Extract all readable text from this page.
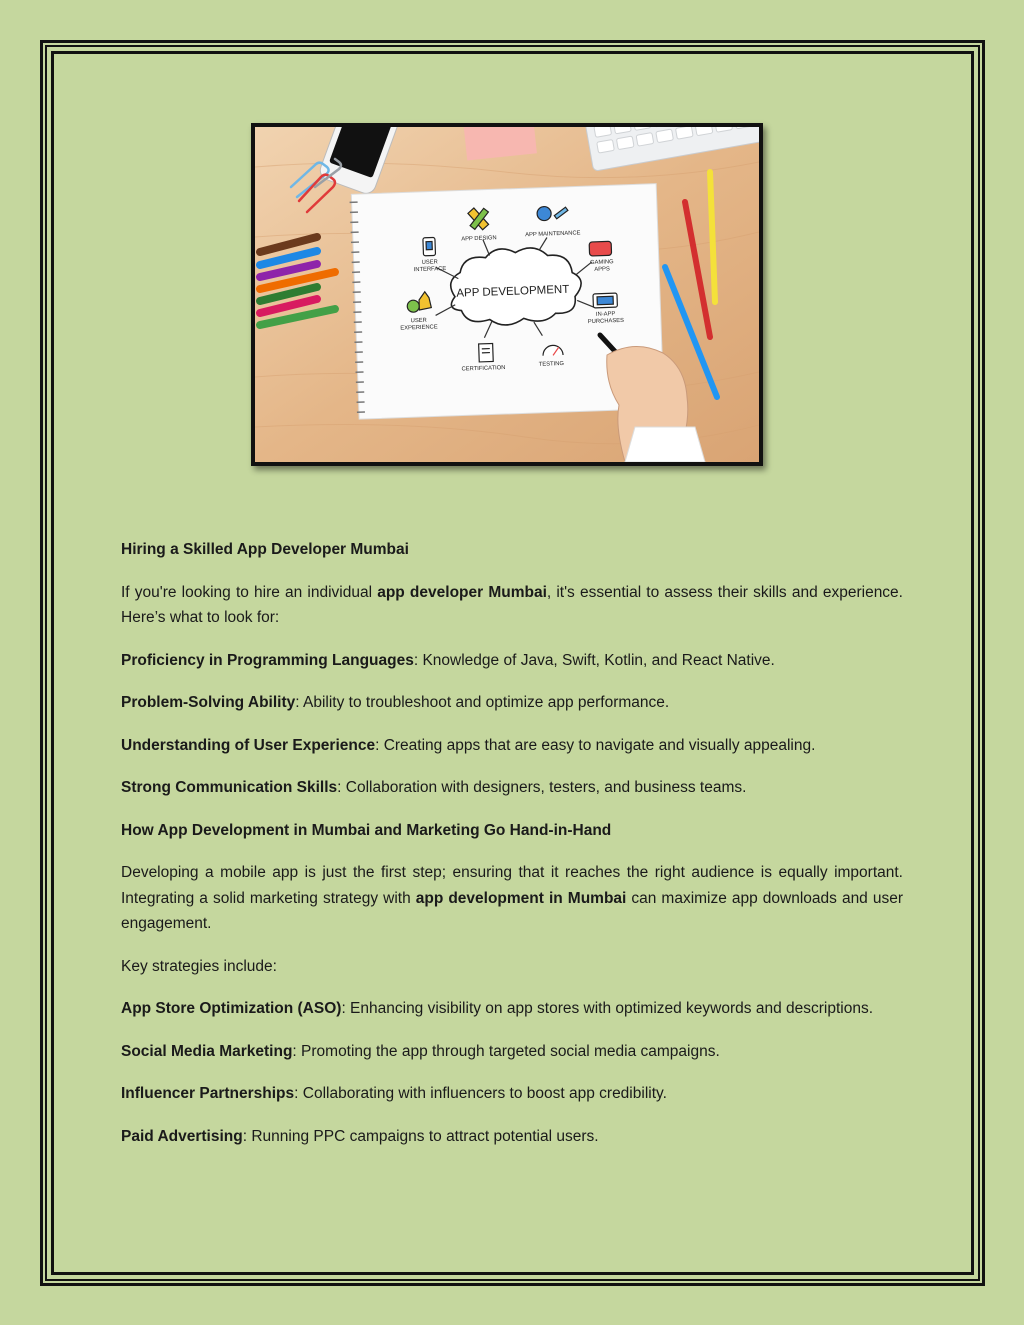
APP DEVELOPMENT
APP DESIGN
APP MAINTENANCE
USER
INTERFACE
GAMING
APPS
USER
EXPERIENCE
IN-APP
PURCHASES
CERTIFICATION
TESTING

Hiring a Skilled App Developer Mumbai

If you're looking to hire an individual app developer Mumbai, it's essential to assess their skills and experience. Here’s what to look for:

Proficiency in Programming Languages: Knowledge of Java, Swift, Kotlin, and React Native.

Problem-Solving Ability: Ability to troubleshoot and optimize app performance.

Understanding of User Experience: Creating apps that are easy to navigate and visually appealing.

Strong Communication Skills: Collaboration with designers, testers, and business teams.

How App Development in Mumbai and Marketing Go Hand-in-Hand

Developing a mobile app is just the first step; ensuring that it reaches the right audience is equally important. Integrating a solid marketing strategy with app development in Mumbai can maximize app downloads and user engagement.

Key strategies include:

App Store Optimization (ASO): Enhancing visibility on app stores with optimized keywords and descriptions.

Social Media Marketing: Promoting the app through targeted social media campaigns.

Influencer Partnerships: Collaborating with influencers to boost app credibility.

Paid Advertising: Running PPC campaigns to attract potential users.
